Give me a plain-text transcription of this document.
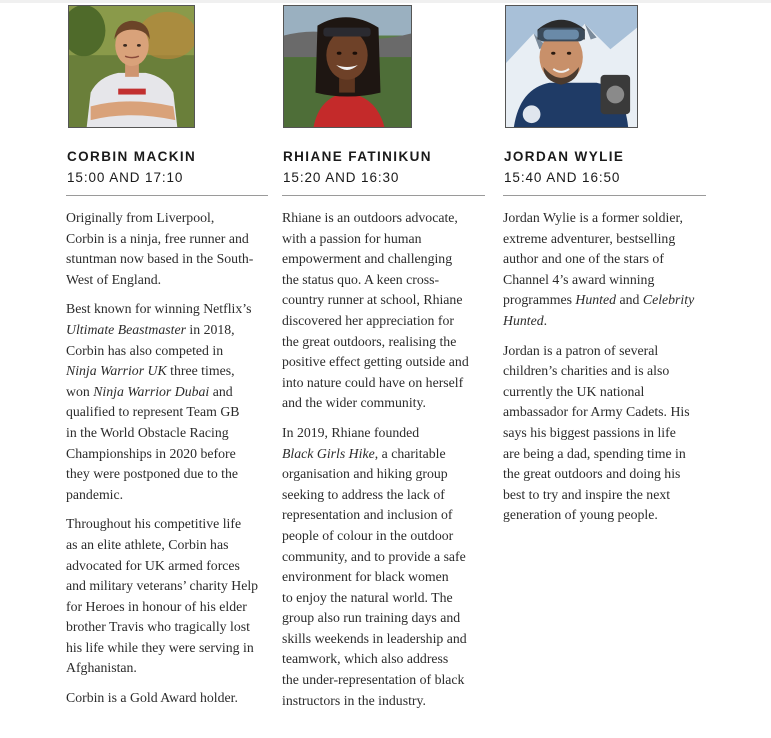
CORBIN MACKIN
15:00 AND 17:10

Originally from Liverpool,
Corbin is a ninja, free runner and
stuntman now based in the South-
West of England.

Best known for winning Netflix’s
Ultimate Beastmaster in 2018,
Corbin has also competed in
Ninja Warrior UK three times,
won Ninja Warrior Dubai and
qualified to represent Team GB
in the World Obstacle Racing
Championships in 2020 before
they were postponed due to the
pandemic.

Throughout his competitive life
as an elite athlete, Corbin has
advocated for UK armed forces
and military veterans’ charity Help
for Heroes in honour of his elder
brother Travis who tragically lost
his life while they were serving in
Afghanistan.

Corbin is a Gold Award holder.

RHIANE FATINIKUN
15:20 AND 16:30

Rhiane is an outdoors advocate,
with a passion for human
empowerment and challenging
the status quo. A keen cross-
country runner at school, Rhiane
discovered her appreciation for
the great outdoors, realising the
positive effect getting outside and
into nature could have on herself
and the wider community.

In 2019, Rhiane founded
Black Girls Hike, a charitable
organisation and hiking group
seeking to address the lack of
representation and inclusion of
people of colour in the outdoor
community, and to provide a safe
environment for black women
to enjoy the natural world. The
group also run training days and
skills weekends in leadership and
teamwork, which also address
the under-representation of black
instructors in the industry.

JORDAN WYLIE
15:40 AND 16:50

Jordan Wylie is a former soldier,
extreme adventurer, bestselling
author and one of the stars of
Channel 4’s award winning
programmes Hunted and Celebrity
Hunted.

Jordan is a patron of several
children’s charities and is also
currently the UK national
ambassador for Army Cadets. His
says his biggest passions in life
are being a dad, spending time in
the great outdoors and doing his
best to try and inspire the next
generation of young people.
